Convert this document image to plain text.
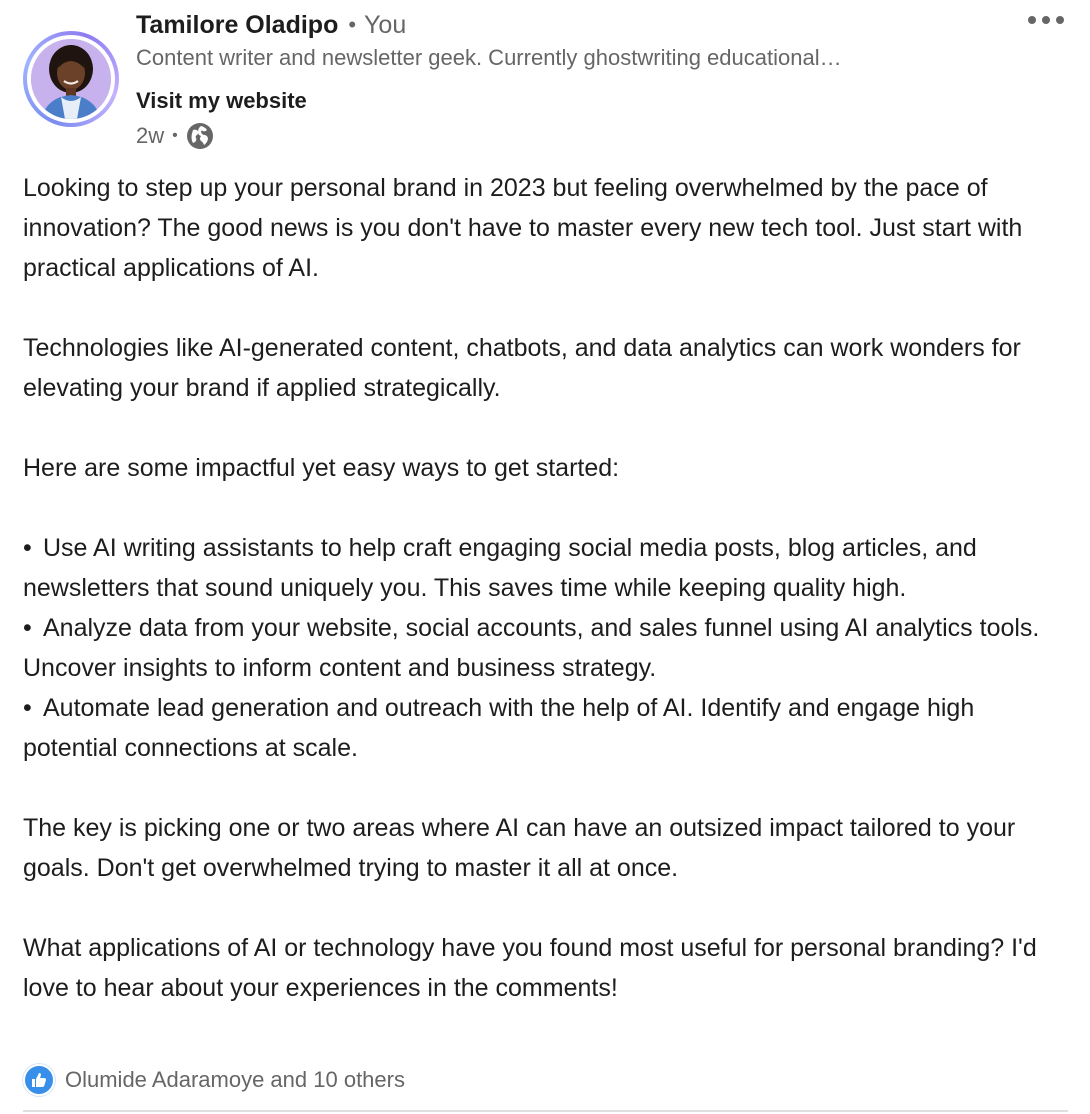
Tamilore Oladipo • You
Content writer and newsletter geek. Currently ghostwriting educational…
Visit my website
2w •

Looking to step up your personal brand in 2023 but feeling overwhelmed by the pace of innovation? The good news is you don't have to master every new tech tool. Just start with practical applications of AI.

Technologies like AI-generated content, chatbots, and data analytics can work wonders for elevating your brand if applied strategically.

Here are some impactful yet easy ways to get started:

• Use AI writing assistants to help craft engaging social media posts, blog articles, and newsletters that sound uniquely you. This saves time while keeping quality high.
• Analyze data from your website, social accounts, and sales funnel using AI analytics tools. Uncover insights to inform content and business strategy.
• Automate lead generation and outreach with the help of AI. Identify and engage high potential connections at scale.

The key is picking one or two areas where AI can have an outsized impact tailored to your goals. Don't get overwhelmed trying to master it all at once.

What applications of AI or technology have you found most useful for personal branding? I'd love to hear about your experiences in the comments!

Olumide Adaramoye and 10 others
